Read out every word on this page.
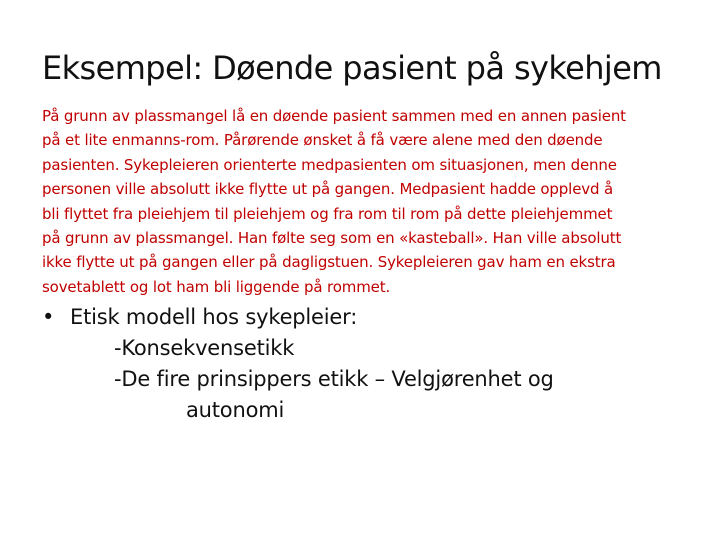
Eksempel: Døende pasient på sykehjem

På grunn av plassmangel lå en døende pasient sammen med en annen pasient
på et lite enmanns-rom. Pårørende ønsket å få være alene med den døende
pasienten. Sykepleieren orienterte medpasienten om situasjonen, men denne
personen ville absolutt ikke flytte ut på gangen. Medpasient hadde opplevd å
bli flyttet fra pleiehjem til pleiehjem og fra rom til rom på dette pleiehjemmet
på grunn av plassmangel. Han følte seg som en «kasteball». Han ville absolutt
ikke flytte ut på gangen eller på dagligstuen. Sykepleieren gav ham en ekstra
sovetablett og lot ham bli liggende på rommet.

• Etisk modell hos sykepleier:
-Konsekvensetikk
-De fire prinsippers etikk – Velgjørenhet og
autonomi
